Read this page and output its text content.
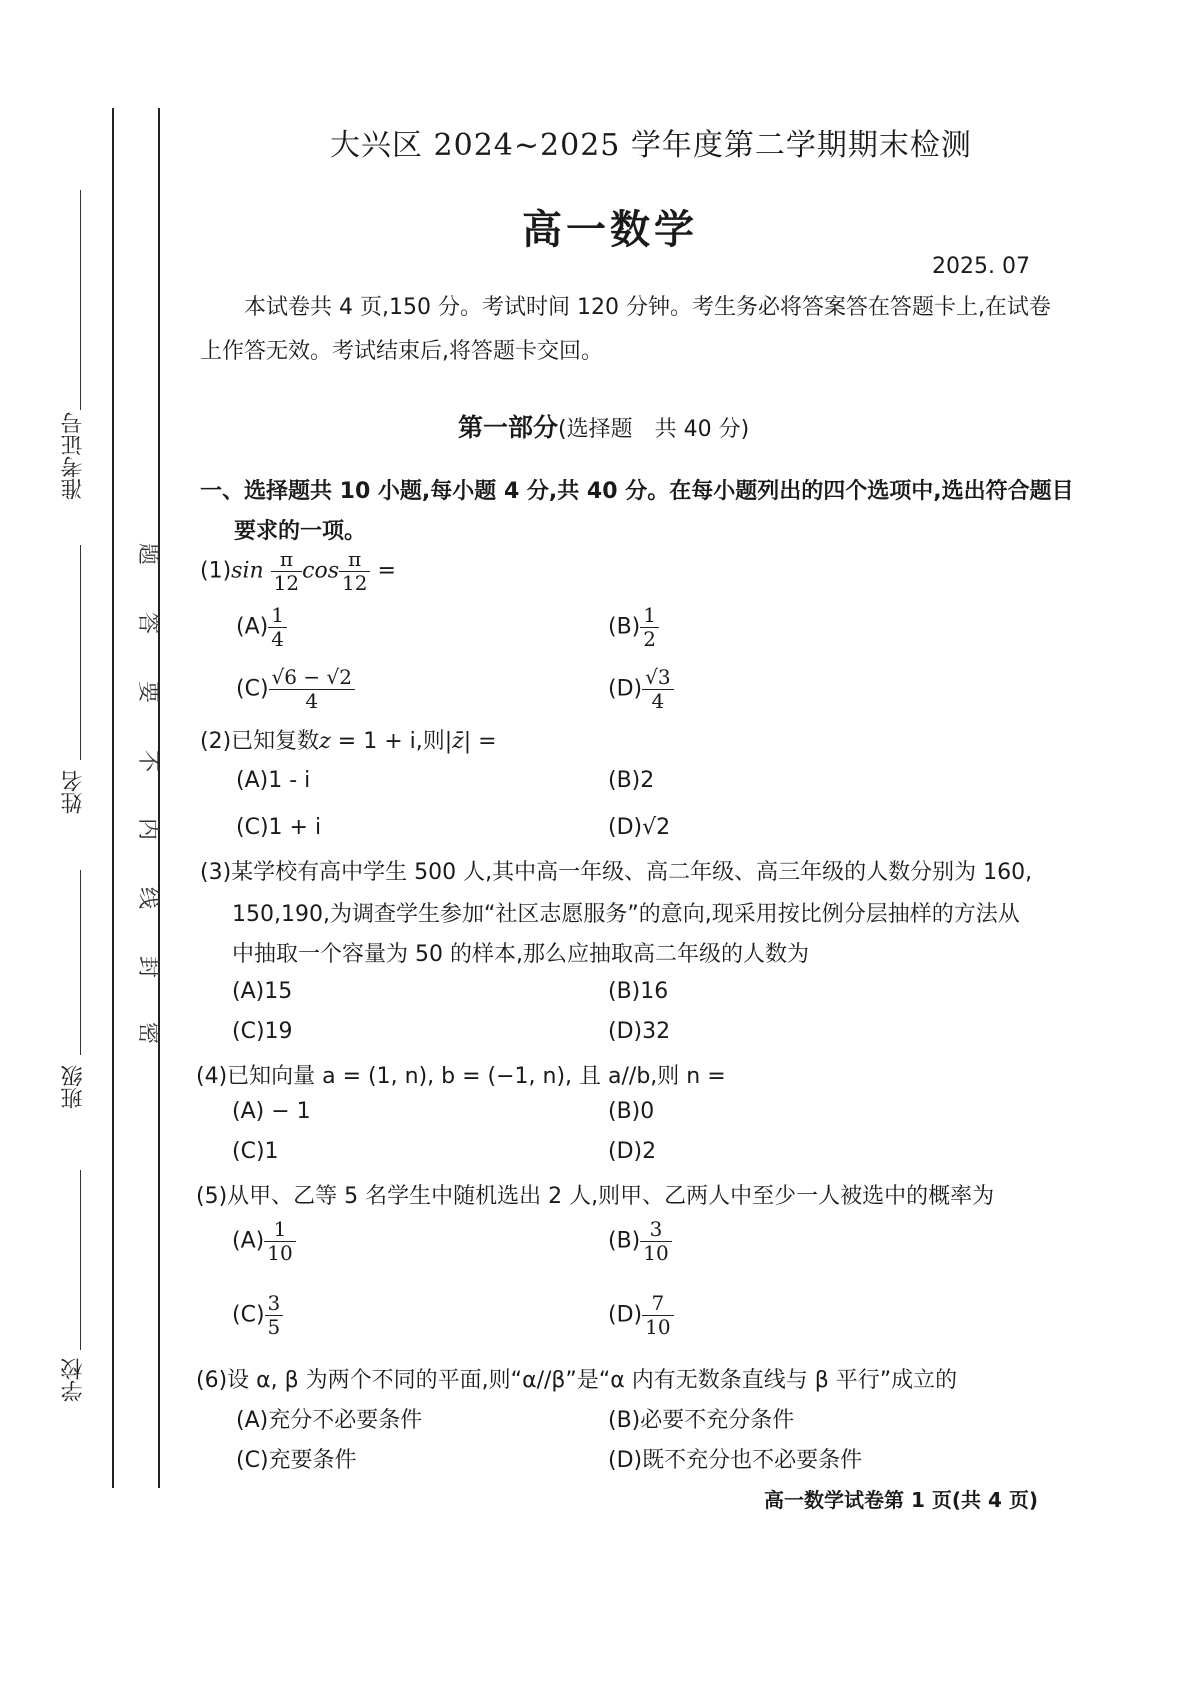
准考证号
姓名
班级
学校
密
封
线
内
不
要
答
题
大兴区 2024~2025 学年度第二学期期末检测
高一数学
2025. 07
本试卷共 4 页,150 分。考试时间 120 分钟。考生务必将答案答在答题卡上,在试卷
上作答无效。考试结束后,将答题卡交回。
第一部分(选择题　共 40 分)
一、选择题共 10 小题,每小题 4 分,共 40 分。在每小题列出的四个选项中,选出符合题目
要求的一项。
$(1)\sin \frac{\pi}{12}$ $\cos \frac{\pi}{12}$ =
$(A) \frac{1}{4}$	$(B) \frac{1}{2}$
$(C) \frac{√6 - √2}{4}$	$(D) \frac{√3}{4}$
(2)已知复数z = 1 + i,则|z̄| =
(A)1 - i	(B)2
(C)1 + i	(D)√2
(3)某学校有高中学生 500 人,其中高一年级、高二年级、高三年级的人数分别为 160,
150,190,为调查学生参加“社区志愿服务”的意向,现采用按比例分层抽样的方法从
中抽取一个容量为 50 的样本,那么应抽取高二年级的人数为
(A)15	(B)16
(C)19	(D)32
(4)已知向量 a = (1, n), b = (−1, n), 且 a//b,则 n =
(A) − 1	(B)0
(C)1	(D)2
(5)从甲、乙等 5 名学生中随机选出 2 人,则甲、乙两人中至少一人被选中的概率为
$(A) \frac{1}{10}$	$(B) \frac{3}{10}$
$(C) \frac{3}{5}$	$(D) \frac{7}{10}$
(6)设 α, β 为两个不同的平面,则“α//β”是“α 内有无数条直线与 β 平行”成立的
(A)充分不必要条件	(B)必要不充分条件
(C)充要条件	(D)既不充分也不必要条件
高一数学试卷第 1 页(共 4 页)
